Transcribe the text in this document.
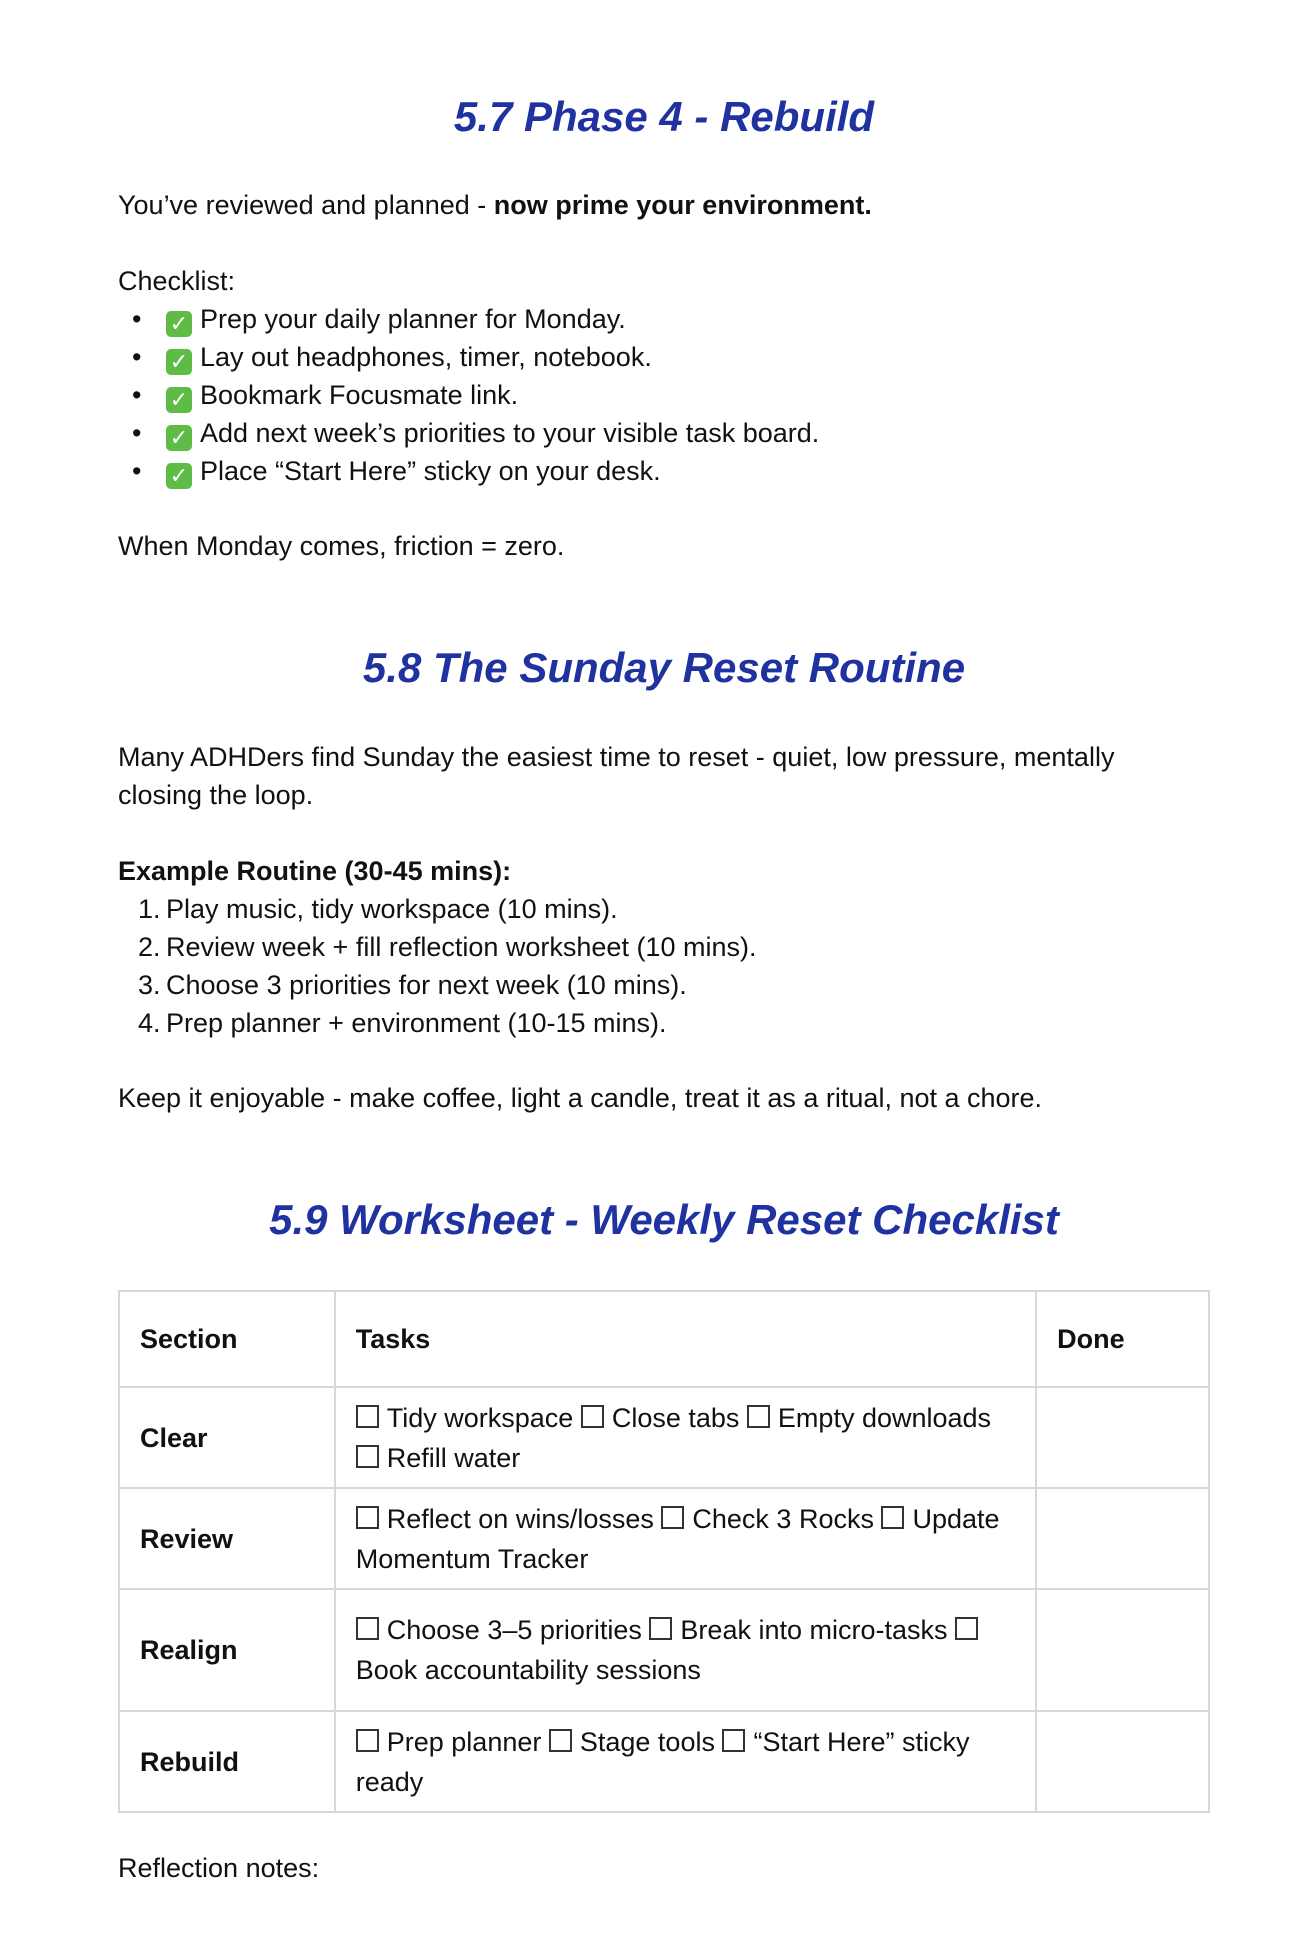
5.7 Phase 4 - Rebuild

You’ve reviewed and planned - now prime your environment.

Checklist:

• ✓ Prep your daily planner for Monday.
• ✓ Lay out headphones, timer, notebook.
• ✓ Bookmark Focusmate link.
• ✓ Add next week’s priorities to your visible task board.
• ✓ Place “Start Here” sticky on your desk.

When Monday comes, friction = zero.

5.8 The Sunday Reset Routine

Many ADHDers find Sunday the easiest time to reset - quiet, low pressure, mentally

closing the loop.

Example Routine (30-45 mins):

1. Play music, tidy workspace (10 mins).
2. Review week + fill reflection worksheet (10 mins).
3. Choose 3 priorities for next week (10 mins).
4. Prep planner + environment (10-15 mins).

Keep it enjoyable - make coffee, light a candle, treat it as a ritual, not a chore.

5.9 Worksheet - Weekly Reset Checklist
Section	Tasks	Done
Clear	Tidy workspace Close tabs Empty downloads Refill water	
Review	Reflect on wins/losses Check 3 Rocks Update Momentum Tracker	
Realign	Choose 3–5 priorities Break into micro-tasks Book accountability sessions	
Rebuild	Prep planner Stage tools “Start Here” sticky ready	

Reflection notes:
